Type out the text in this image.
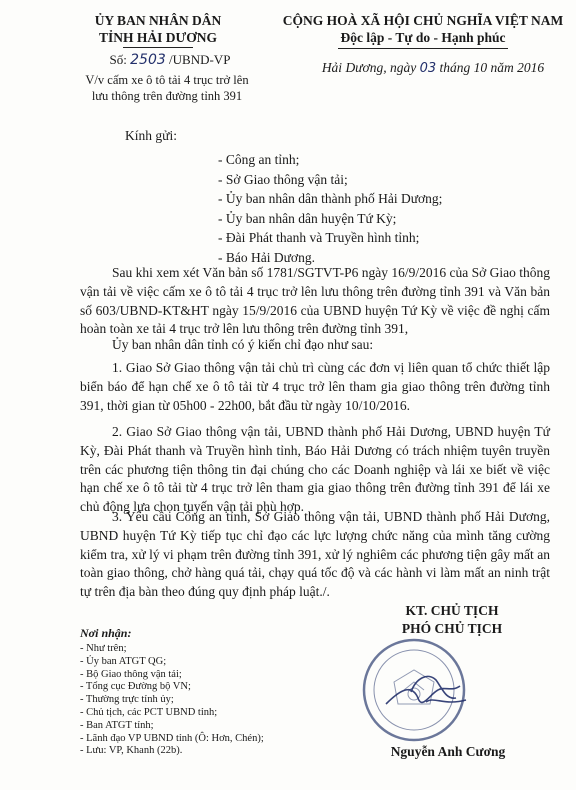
ỦY BAN NHÂN DÂN
TỈNH HẢI DƯƠNG
Số: 2503 /UBND-VP
V/v cấm xe ô tô tải 4 trục trở lên
lưu thông trên đường tỉnh 391
CỘNG HOÀ XÃ HỘI CHỦ NGHĨA VIỆT NAM
Độc lập - Tự do - Hạnh phúc
Hải Dương, ngày 03 tháng 10 năm 2016
Kính gửi:
- Công an tỉnh;
- Sở Giao thông vận tải;
- Ủy ban nhân dân thành phố Hải Dương;
- Ủy ban nhân dân huyện Tứ Kỳ;
- Đài Phát thanh và Truyền hình tỉnh;
- Báo Hải Dương.
Sau khi xem xét Văn bản số 1781/SGTVT-P6 ngày 16/9/2016 của Sở Giao thông vận tải về việc cấm xe ô tô tải 4 trục trở lên lưu thông trên đường tỉnh 391 và Văn bản số 603/UBND-KT&HT ngày 15/9/2016 của UBND huyện Tứ Kỳ về việc đề nghị cấm hoàn toàn xe tải 4 trục trở lên lưu thông trên đường tỉnh 391,
Ủy ban nhân dân tỉnh có ý kiến chỉ đạo như sau:
1. Giao Sở Giao thông vận tải chủ trì cùng các đơn vị liên quan tổ chức thiết lập biển báo để hạn chế xe ô tô tải từ 4 trục trở lên tham gia giao thông trên đường tỉnh 391, thời gian từ 05h00 - 22h00, bắt đầu từ ngày 10/10/2016.
2. Giao Sở Giao thông vận tải, UBND thành phố Hải Dương, UBND huyện Tứ Kỳ, Đài Phát thanh và Truyền hình tỉnh, Báo Hải Dương có trách nhiệm tuyên truyền trên các phương tiện thông tin đại chúng cho các Doanh nghiệp và lái xe biết về việc hạn chế xe ô tô tải từ 4 trục trở lên tham gia giao thông trên đường tỉnh 391 để lái xe chủ động lựa chọn tuyến vận tải phù hợp.
3. Yêu cầu Công an tỉnh, Sở Giao thông vận tải, UBND thành phố Hải Dương, UBND huyện Tứ Kỳ tiếp tục chỉ đạo các lực lượng chức năng của mình tăng cường kiểm tra, xử lý vi phạm trên đường tỉnh 391, xử lý nghiêm các phương tiện gây mất an toàn giao thông, chở hàng quá tải, chạy quá tốc độ và các hành vi làm mất an ninh trật tự trên địa bàn theo đúng quy định pháp luật./.
KT. CHỦ TỊCH
PHÓ CHỦ TỊCH
Nguyễn Anh Cương
Nơi nhận:
- Như trên;
- Ủy ban ATGT QG;
- Bộ Giao thông vận tải;
- Tổng cục Đường bộ VN;
- Thường trực tỉnh ủy;
- Chủ tịch, các PCT UBND tỉnh;
- Ban ATGT tỉnh;
- Lãnh đạo VP UBND tỉnh (Ô: Hơn, Chén);
- Lưu: VP, Khanh (22b).
